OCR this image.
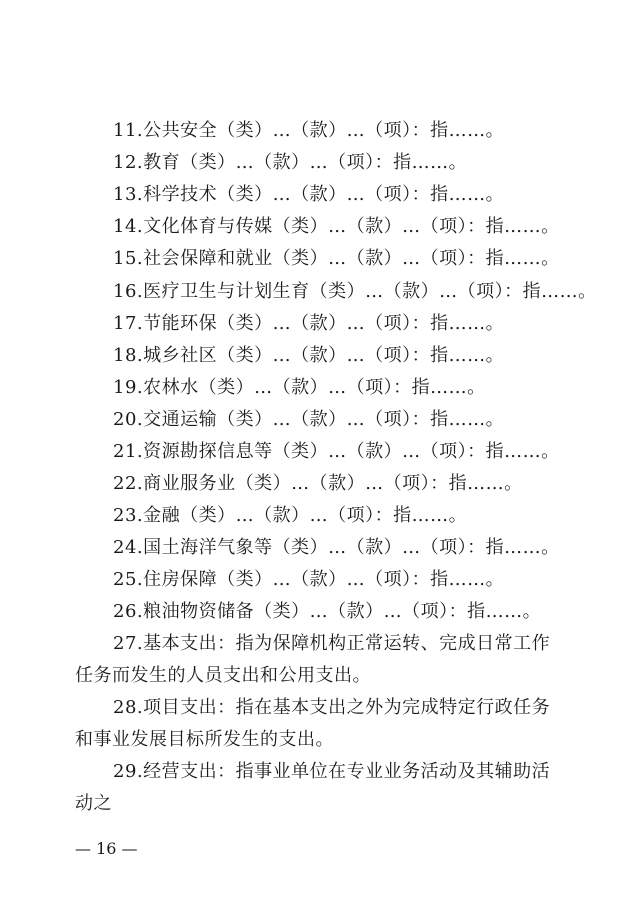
11.公共安全（类）…（款）…（项）：指……。
12.教育（类）…（款）…（项）：指……。
13.科学技术（类）…（款）…（项）：指……。
14.文化体育与传媒（类）…（款）…（项）：指……。
15.社会保障和就业（类）…（款）…（项）：指……。
16.医疗卫生与计划生育（类）…（款）…（项）：指……。
17.节能环保（类）…（款）…（项）：指……。
18.城乡社区（类）…（款）…（项）：指……。
19.农林水（类）…（款）…（项）：指……。
20.交通运输（类）…（款）…（项）：指……。
21.资源勘探信息等（类）…（款）…（项）：指……。
22.商业服务业（类）…（款）…（项）：指……。
23.金融（类）…（款）…（项）：指……。
24.国土海洋气象等（类）…（款）…（项）：指……。
25.住房保障（类）…（款）…（项）：指……。
26.粮油物资储备（类）…（款）…（项）：指……。
27.基本支出：指为保障机构正常运转、完成日常工作任务而发生的人员支出和公用支出。
28.项目支出：指在基本支出之外为完成特定行政任务和事业发展目标所发生的支出。
29.经营支出：指事业单位在专业业务活动及其辅助活动之
— 16 —
